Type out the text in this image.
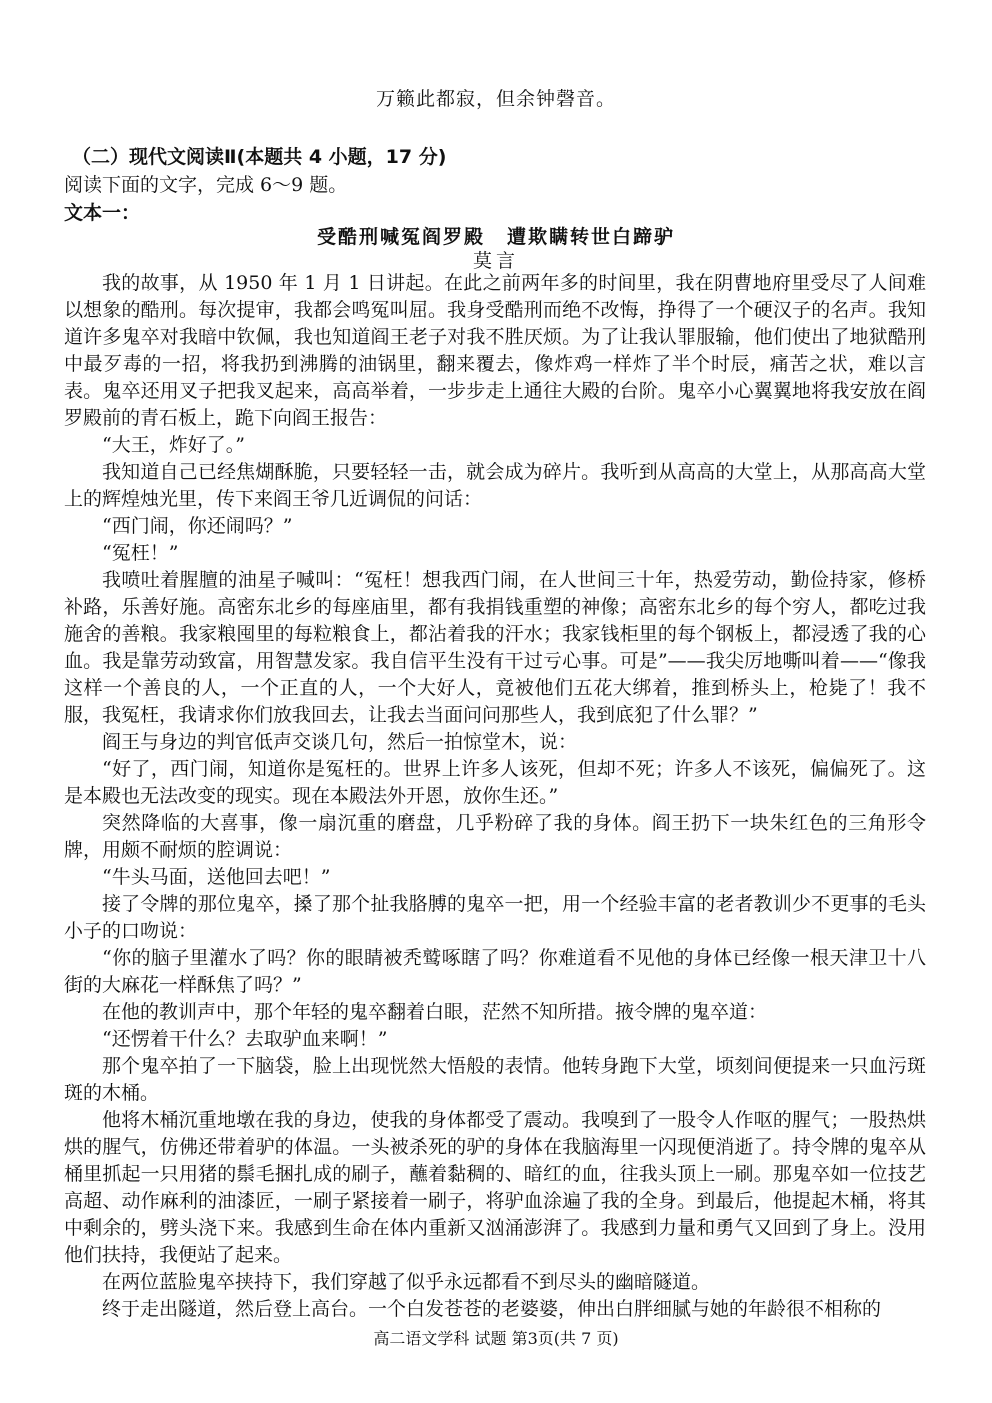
万籁此都寂，但余钟磬音。
（二）现代文阅读Ⅱ(本题共 4 小题，17 分)
阅读下面的文字，完成 6～9 题。
文本一：
受酷刑喊冤阎罗殿 遭欺瞒转世白蹄驴
莫言

我的故事，从 1950 年 1 月 1 日讲起。在此之前两年多的时间里，我在阴曹地府里受尽了人间难以想象的酷刑。每次提审，我都会鸣冤叫屈。我身受酷刑而绝不改悔，挣得了一个硬汉子的名声。我知道许多鬼卒对我暗中钦佩，我也知道阎王老子对我不胜厌烦。为了让我认罪服输，他们使出了地狱酷刑中最歹毒的一招，将我扔到沸腾的油锅里，翻来覆去，像炸鸡一样炸了半个时辰，痛苦之状，难以言表。鬼卒还用叉子把我叉起来，高高举着，一步步走上通往大殿的台阶。鬼卒小心翼翼地将我安放在阎罗殿前的青石板上，跪下向阎王报告：

“大王，炸好了。”

我知道自己已经焦煳酥脆，只要轻轻一击，就会成为碎片。我听到从高高的大堂上，从那高高大堂上的辉煌烛光里，传下来阎王爷几近调侃的问话：

“西门闹，你还闹吗？”

“冤枉！”

我喷吐着腥膻的油星子喊叫：“冤枉！想我西门闹，在人世间三十年，热爱劳动，勤俭持家，修桥补路，乐善好施。高密东北乡的每座庙里，都有我捐钱重塑的神像；高密东北乡的每个穷人，都吃过我施舍的善粮。我家粮囤里的每粒粮食上，都沾着我的汗水；我家钱柜里的每个钢板上，都浸透了我的心血。我是靠劳动致富，用智慧发家。我自信平生没有干过亏心事。可是”——我尖厉地嘶叫着——“像我这样一个善良的人，一个正直的人，一个大好人，竟被他们五花大绑着，推到桥头上，枪毙了！我不服，我冤枉，我请求你们放我回去，让我去当面问问那些人，我到底犯了什么罪？”

阎王与身边的判官低声交谈几句，然后一拍惊堂木，说：

“好了，西门闹，知道你是冤枉的。世界上许多人该死，但却不死；许多人不该死，偏偏死了。这是本殿也无法改变的现实。现在本殿法外开恩，放你生还。”

突然降临的大喜事，像一扇沉重的磨盘，几乎粉碎了我的身体。阎王扔下一块朱红色的三角形令牌，用颇不耐烦的腔调说：

“牛头马面，送他回去吧！”

接了令牌的那位鬼卒，搡了那个扯我胳膊的鬼卒一把，用一个经验丰富的老者教训少不更事的毛头小子的口吻说：

“你的脑子里灌水了吗？你的眼睛被秃鹫啄瞎了吗？你难道看不见他的身体已经像一根天津卫十八街的大麻花一样酥焦了吗？”

在他的教训声中，那个年轻的鬼卒翻着白眼，茫然不知所措。掖令牌的鬼卒道：

“还愣着干什么？去取驴血来啊！”

那个鬼卒拍了一下脑袋，脸上出现恍然大悟般的表情。他转身跑下大堂，顷刻间便提来一只血污斑斑的木桶。

他将木桶沉重地墩在我的身边，使我的身体都受了震动。我嗅到了一股令人作呕的腥气；一股热烘烘的腥气，仿佛还带着驴的体温。一头被杀死的驴的身体在我脑海里一闪现便消逝了。持令牌的鬼卒从桶里抓起一只用猪的鬃毛捆扎成的刷子，蘸着黏稠的、暗红的血，往我头顶上一刷。那鬼卒如一位技艺高超、动作麻利的油漆匠，一刷子紧接着一刷子，将驴血涂遍了我的全身。到最后，他提起木桶，将其中剩余的，劈头浇下来。我感到生命在体内重新又汹涌澎湃了。我感到力量和勇气又回到了身上。没用他们扶持，我便站了起来。

在两位蓝脸鬼卒挟持下，我们穿越了似乎永远都看不到尽头的幽暗隧道。

终于走出隧道，然后登上高台。一个白发苍苍的老婆婆，伸出白胖细腻与她的年龄很不相称的

高二语文学科 试题 第3页(共 7 页)
